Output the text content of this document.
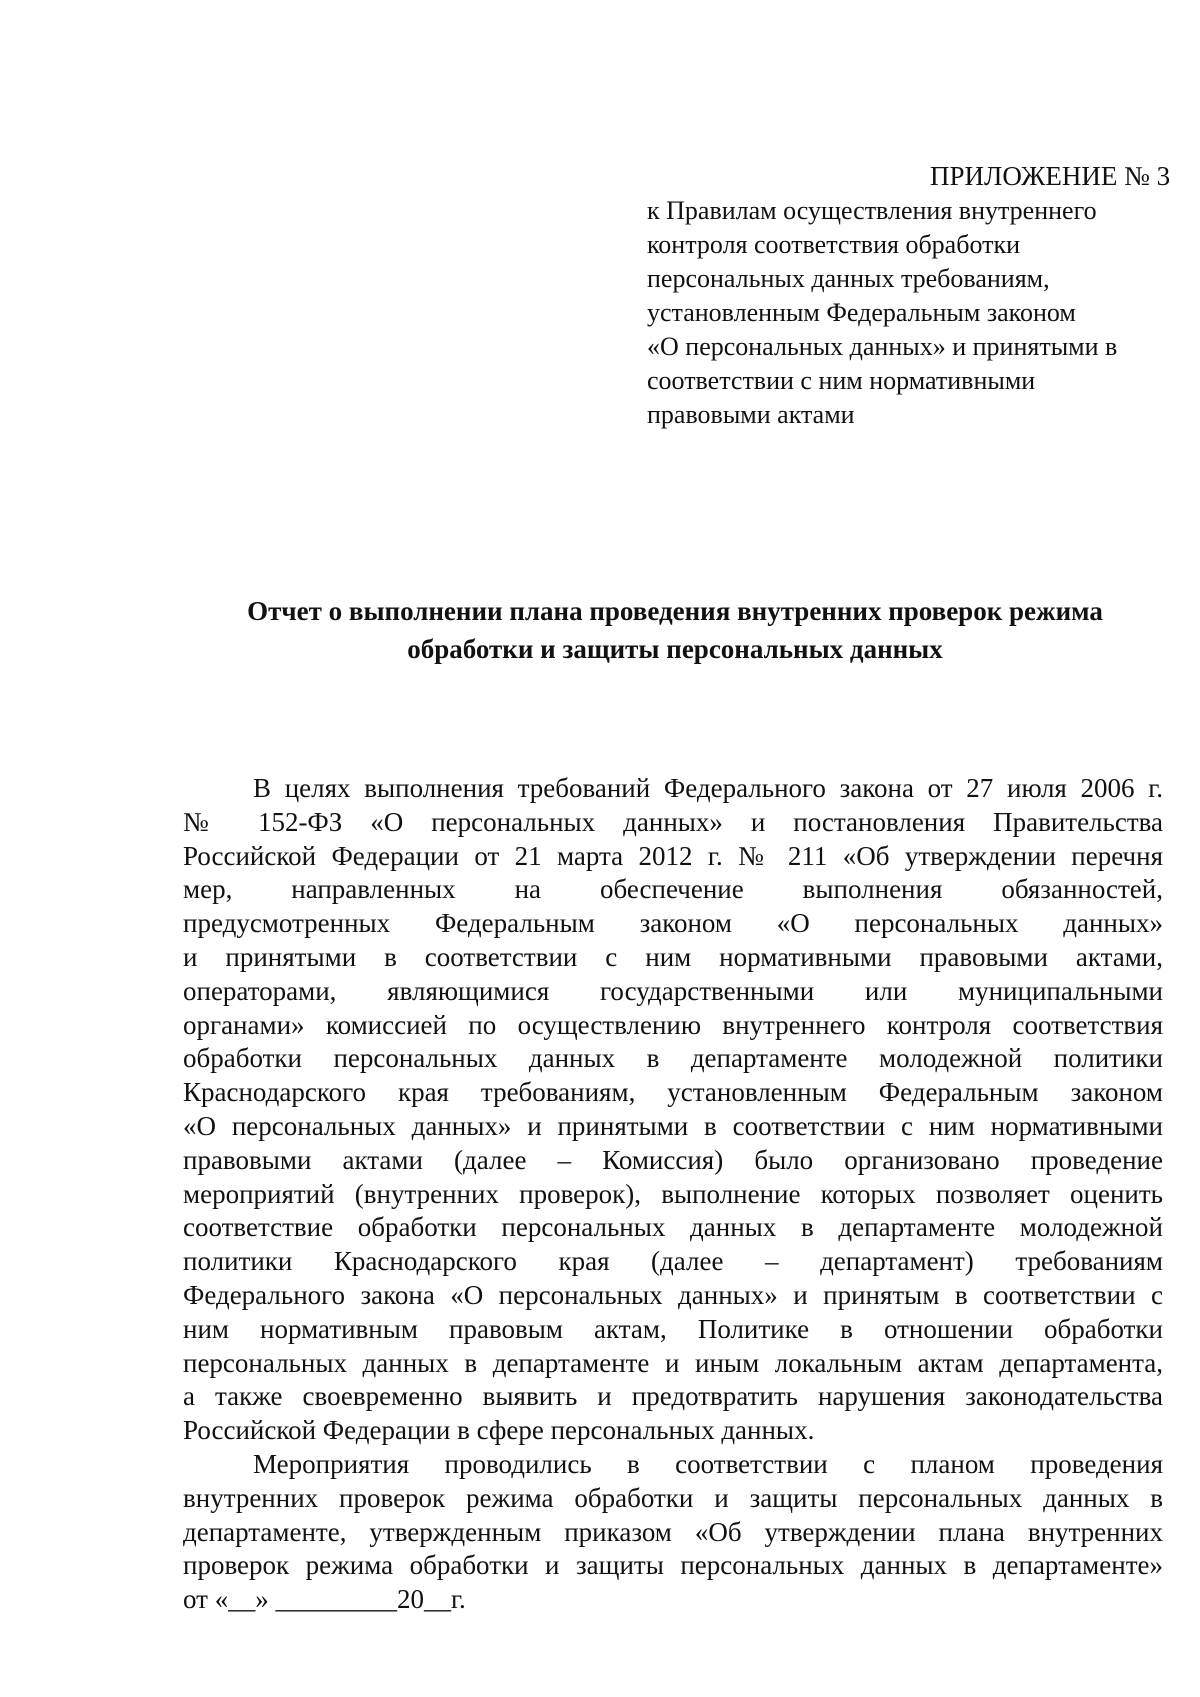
ПРИЛОЖЕНИЕ № 3
к Правилам осуществления внутреннего
контроля соответствия обработки
персональных данных требованиям,
установленным Федеральным законом
«О персональных данных» и принятыми в
соответствии с ним нормативными
правовыми актами
Отчет о выполнении плана проведения внутренних проверок режима
обработки и защиты персональных данных
В целях выполнения требований Федерального закона от 27 июля 2006 г.
№ 152-ФЗ «О персональных данных» и постановления Правительства
Российской Федерации от 21 марта 2012 г. № 211 «Об утверждении перечня
мер, направленных на обеспечение выполнения обязанностей,
предусмотренных Федеральным законом «О персональных данных»
и принятыми в соответствии с ним нормативными правовыми актами,
операторами, являющимися государственными или муниципальными
органами» комиссией по осуществлению внутреннего контроля соответствия
обработки персональных данных в департаменте молодежной политики
Краснодарского края требованиям, установленным Федеральным законом
«О персональных данных» и принятыми в соответствии с ним нормативными
правовыми актами (далее – Комиссия) было организовано проведение
мероприятий (внутренних проверок), выполнение которых позволяет оценить
соответствие обработки персональных данных в департаменте молодежной
политики Краснодарского края (далее – департамент) требованиям
Федерального закона «О персональных данных» и принятым в соответствии с
ним нормативным правовым актам, Политике в отношении обработки
персональных данных в департаменте и иным локальным актам департамента,
а также своевременно выявить и предотвратить нарушения законодательства
Российской Федерации в сфере персональных данных.
Мероприятия проводились в соответствии с планом проведения
внутренних проверок режима обработки и защиты персональных данных в
департаменте, утвержденным приказом «Об утверждении плана внутренних
проверок режима обработки и защиты персональных данных в департаменте»
от «__» _________20__г.
